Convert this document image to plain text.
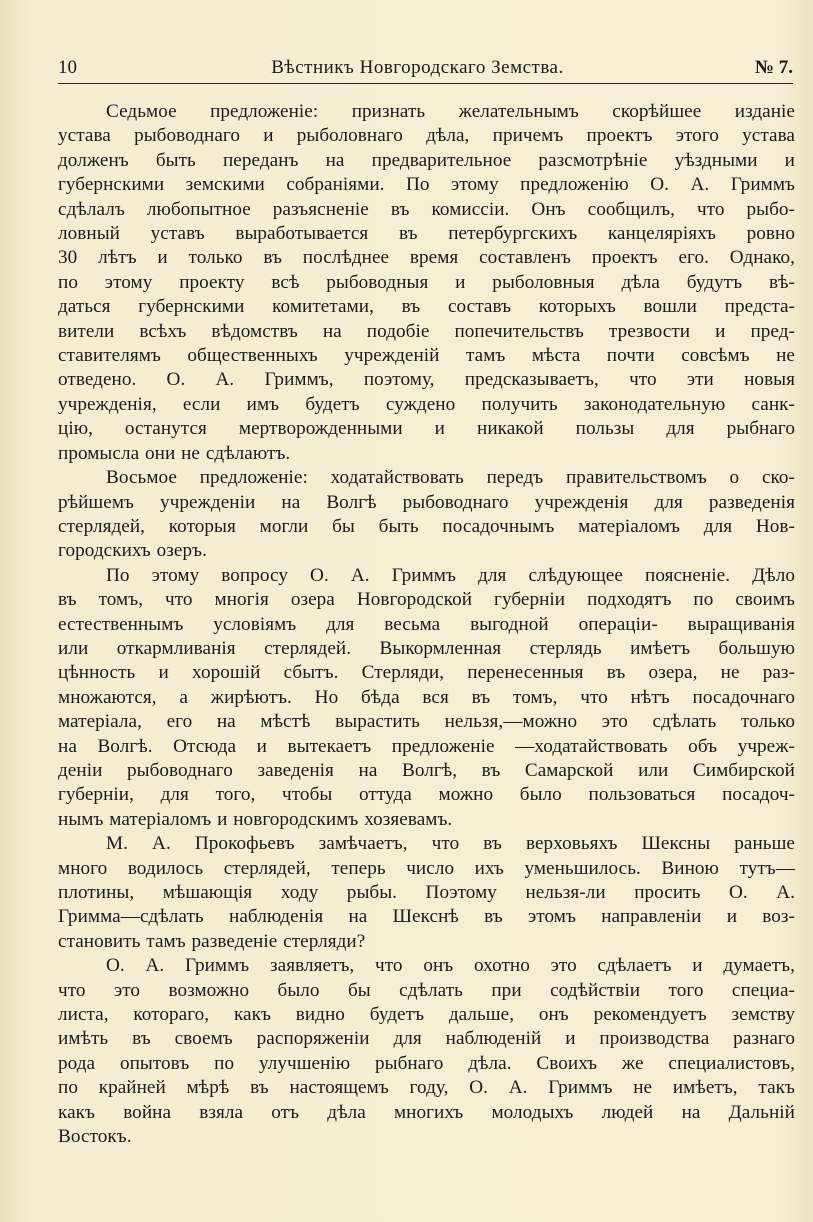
10	Вѣстникъ Новгородскаго Земства.	№ 7.
Седьмое предложеніе: признать желательнымъ скорѣйшее изданіе
устава рыбоводнаго и рыболовнаго дѣла, причемъ проектъ этого устава
долженъ быть переданъ на предварительное разсмотрѣніе уѣздными и
губернскими земскими собраніями. По этому предложенію О. А. Гриммъ
сдѣлалъ любопытное разъясненіе въ комиссіи. Онъ сообщилъ, что рыбо-
ловный уставъ выработывается въ петербургскихъ канцеляріяхъ ровно
30 лѣтъ и только въ послѣднее время составленъ проектъ его. Однако,
по этому проекту всѣ рыбоводныя и рыболовныя дѣла будутъ вѣ-
даться губернскими комитетами, въ составъ которыхъ вошли предста-
вители всѣхъ вѣдомствъ на подобіе попечительствъ трезвости и пред-
ставителямъ общественныхъ учрежденій тамъ мѣста почти совсѣмъ не
отведено. О. А. Гриммъ, поэтому, предсказываетъ, что эти новыя
учрежденія, если имъ будетъ суждено получить законодательную санк-
цію, останутся мертворожденными и никакой пользы для рыбнаго
промысла они не сдѣлаютъ.
Восьмое предложеніе: ходатайствовать передъ правительствомъ о ско-
рѣйшемъ учрежденіи на Волгѣ рыбоводнаго учрежденія для разведенія
стерлядей, которыя могли бы быть посадочнымъ матеріаломъ для Нов-
городскихъ озеръ.
По этому вопросу О. А. Гриммъ для слѣдующее поясненіе. Дѣло
въ томъ, что многія озера Новгородской губерніи подходятъ по своимъ
естественнымъ условіямъ для весьма выгодной операціи- выращиванія
или откармливанія стерлядей. Выкормленная стерлядь имѣетъ большую
цѣнность и хорошій сбытъ. Стерляди, перенесенныя въ озера, не раз-
множаются, а жирѣютъ. Но бѣда вся въ томъ, что нѣтъ посадочнаго
матеріала, его на мѣстѣ вырастить нельзя,—можно это сдѣлать только
на Волгѣ. Отсюда и вытекаетъ предложеніе —ходатайствовать объ учреж-
деніи рыбоводнаго заведенія на Волгѣ, въ Самарской или Симбирской
губерніи, для того, чтобы оттуда можно было пользоваться посадоч-
нымъ матеріаломъ и новгородскимъ хозяевамъ.
М. А. Прокофьевъ замѣчаетъ, что въ верховьяхъ Шексны раньше
много водилось стерлядей, теперь число ихъ уменьшилось. Виною тутъ—
плотины, мѣшающія ходу рыбы. Поэтому нельзя-ли просить О. А.
Гримма—сдѣлать наблюденія на Шекснѣ въ этомъ направленіи и воз-
становить тамъ разведеніе стерляди?
О. А. Гриммъ заявляетъ, что онъ охотно это сдѣлаетъ и думаетъ,
что это возможно было бы сдѣлать при содѣйствіи того специа-
листа, котораго, какъ видно будетъ дальше, онъ рекомендуетъ земству
имѣть въ своемъ распоряженіи для наблюденій и производства разнаго
рода опытовъ по улучшенію рыбнаго дѣла. Своихъ же специалистовъ,
по крайней мѣрѣ въ настоящемъ году, О. А. Гриммъ не имѣетъ, такъ
какъ война взяла отъ дѣла многихъ молодыхъ людей на Дальній
Востокъ.
